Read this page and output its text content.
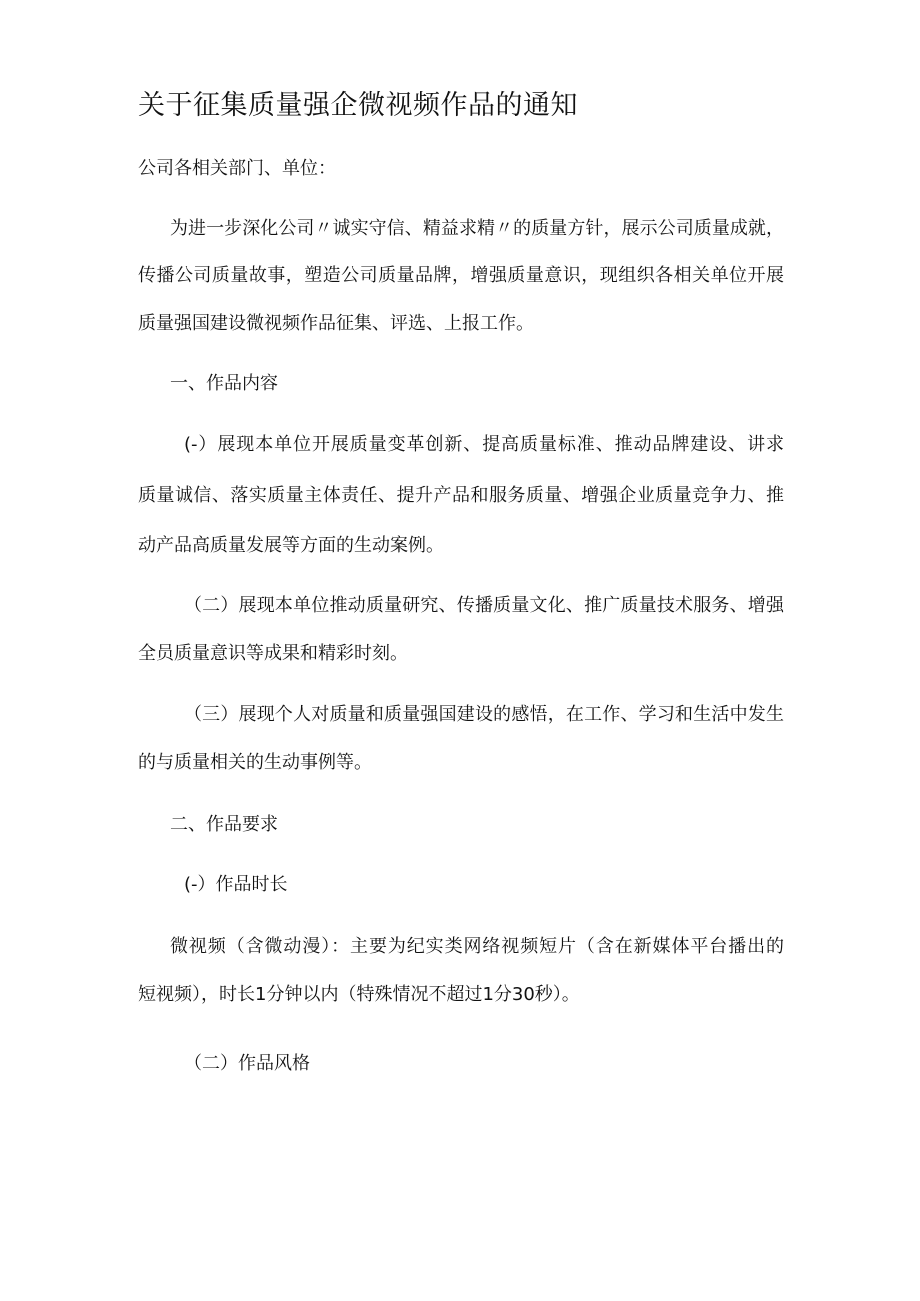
关于征集质量强企微视频作品的通知

公司各相关部门、单位：

为进一步深化公司〃诚实守信、精益求精〃的质量方针，展示公司质量成就，

传播公司质量故事，塑造公司质量品牌，增强质量意识，现组织各相关单位开展

质量强国建设微视频作品征集、评选、上报工作。

一、作品内容

(-）展现本单位开展质量变革创新、提高质量标准、推动品牌建设、讲求

质量诚信、落实质量主体责任、提升产品和服务质量、增强企业质量竞争力、推

动产品高质量发展等方面的生动案例。

（二）展现本单位推动质量研究、传播质量文化、推广质量技术服务、增强

全员质量意识等成果和精彩时刻。

（三）展现个人对质量和质量强国建设的感悟，在工作、学习和生活中发生

的与质量相关的生动事例等。

二、作品要求

(-）作品时长

微视频（含微动漫）：主要为纪实类网络视频短片（含在新媒体平台播出的

短视频），时长1分钟以内（特殊情况不超过1分30秒）。

（二）作品风格
